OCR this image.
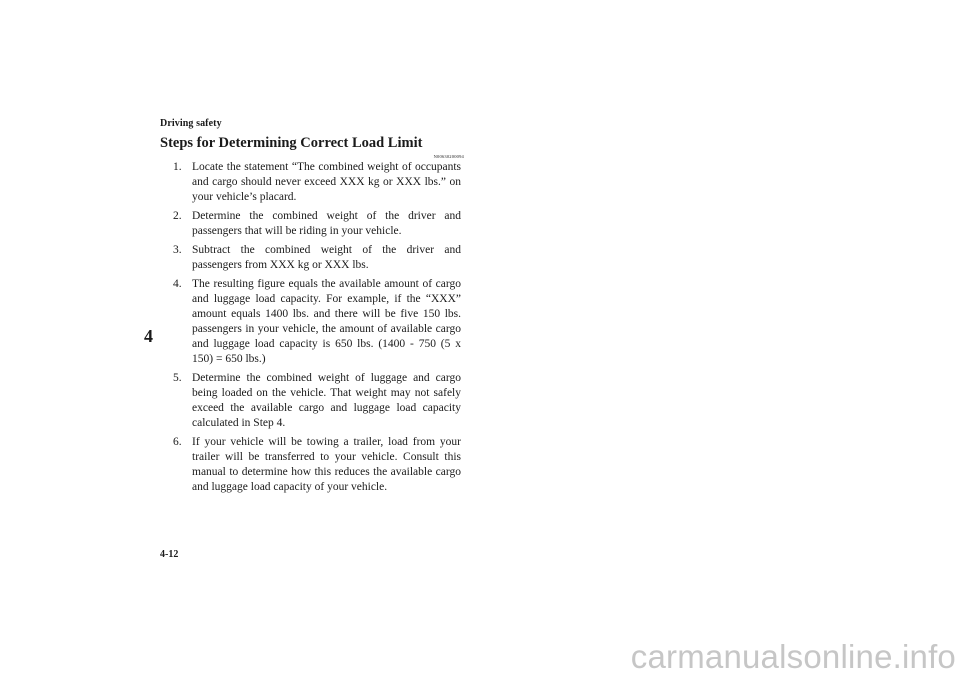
Driving safety
4
Steps for Determining Correct Load Limit
N00630200094
1. Locate the statement “The combined weight of occupants and cargo should never exceed XXX kg or XXX lbs.” on your vehicle’s placard.
2. Determine the combined weight of the driver and passengers that will be riding in your vehicle.
3. Subtract the combined weight of the driver and passengers from XXX kg or XXX lbs.
4. The resulting figure equals the available amount of cargo and luggage load capacity. For example, if the “XXX” amount equals 1400 lbs. and there will be five 150 lbs. passengers in your vehicle, the amount of available cargo and luggage load capacity is 650 lbs. (1400 - 750 (5 x 150) = 650 lbs.)
5. Determine the combined weight of luggage and cargo being loaded on the vehicle. That weight may not safely exceed the available cargo and luggage load capacity calculated in Step 4.
6. If your vehicle will be towing a trailer, load from your trailer will be transferred to your vehicle. Consult this manual to determine how this reduces the available cargo and luggage load capacity of your vehicle.
4-12
carmanualsonline.info
